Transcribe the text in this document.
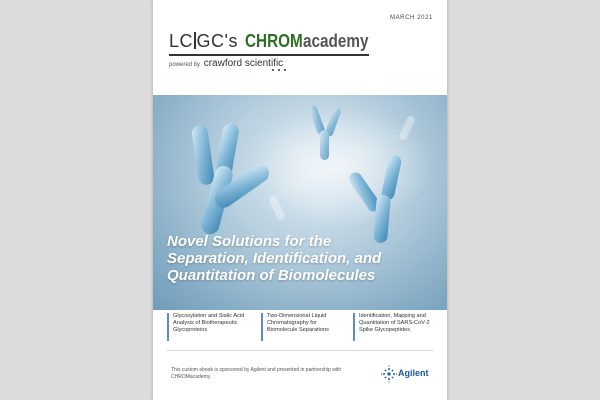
MARCH 2021
LC GC's CHROMacademy
powered by crawford scientific
Novel Solutions for the
Separation, Identification, and
Quantitation of Biomolecules
Glycosylation and Sialic Acid
Analysis of Biotherapeutic
Glycoproteins
Two-Dimensional Liquid
Chromatography for
Biomolecule Separations
Identification, Mapping and
Quantitation of SARS-CoV-2
Spike Glycopeptides
This custom ebook is sponsored by Agilent and presented in partnership with
CHROMacademy.	Agilent
